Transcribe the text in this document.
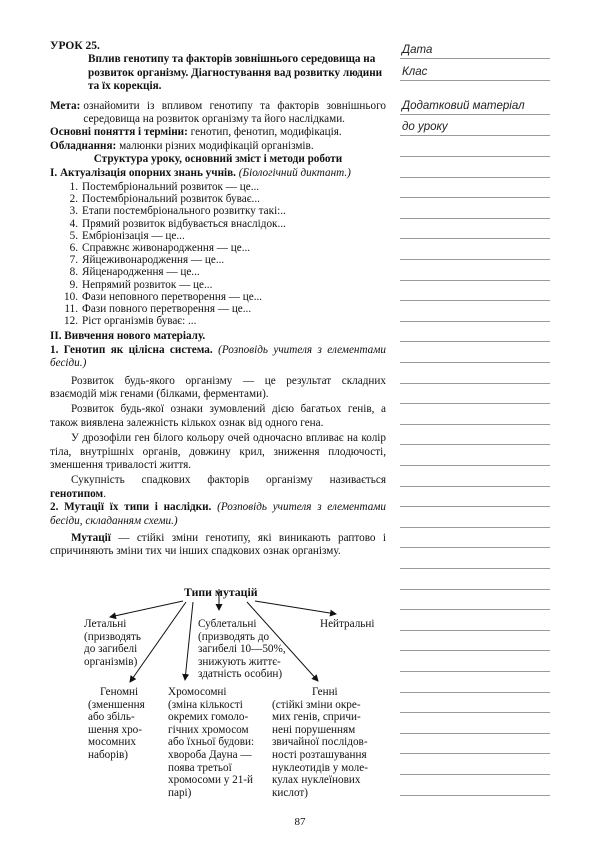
УРОК 25.

Вплив генотипу та факторів зовнішнього середовища на розвиток організму. Діагностування вад розвитку людини та їх корекція.

Мета: ознайомити із впливом генотипу та факторів зовнішнього середовища на розвиток організму та його наслідками.

Основні поняття і терміни: генотип, фенотип, модифікація.

Обладнання: малюнки різних модифікацій організмів.

Структура уроку, основний зміст і методи роботи

I. Актуалізація опорних знань учнів. (Біологічний диктант.)

1. Постембріональний розвиток — це...
2. Постембріональний розвиток буває...
3. Етапи постембріонального розвитку такі:..
4. Прямий розвиток відбувається внаслідок...
5. Ембріонізація — це...
6. Справжнє живонародження — це...
7. Яйцеживонародження — це...
8. Яйценародження — це...
9. Непрямий розвиток — це...
10. Фази неповного перетворення — це...
11. Фази повного перетворення — це...
12. Ріст організмів буває: ...

II. Вивчення нового матеріалу.

1. Генотип як цілісна система. (Розповідь учителя з елементами бесіди.)

Розвиток будь-якого організму — це результат складних взаємодій між генами (білками, ферментами).

Розвиток будь-якої ознаки зумовлений дією багатьох генів, а також виявлена залежність кількох ознак від одного гена.

У дрозофіли ген білого кольору очей одночасно впливає на колір тіла, внутрішніх органів, довжину крил, зниження плодючості, зменшення тривалості життя.

Сукупність спадкових факторів організму називається генотипом.

2. Мутації їх типи і наслідки. (Розповідь учителя з елементами бесіди, складанням схеми.)

Мутації — стійкі зміни генотипу, які виникають раптово і спричиняють зміни тих чи інших спадкових ознак організму.

Типи мутацій
Летальні
(призводять
до загибелі
організмів)
Сублетальні
(призводять до
загибелі 10—50%,
знижують життє-
здатність особин)
Нейтральні
Геномні
(зменшення
або збіль-
шення хро-
мосомних
наборів)
Хромосомні
(зміна кількості
окремих гомоло-
гічних хромосом
або їхньої будови:
хвороба Дауна —
поява третьої
хромосоми у 21-й
парі)
Генні
(стійкі зміни окре-
мих генів, спричи-
нені порушенням
звичайної послідов-
ності розташування
нуклеотидів у моле-
кулах нуклеїнових
кислот)
Дата
Клас
Додатковий матеріал
до уроку
87
